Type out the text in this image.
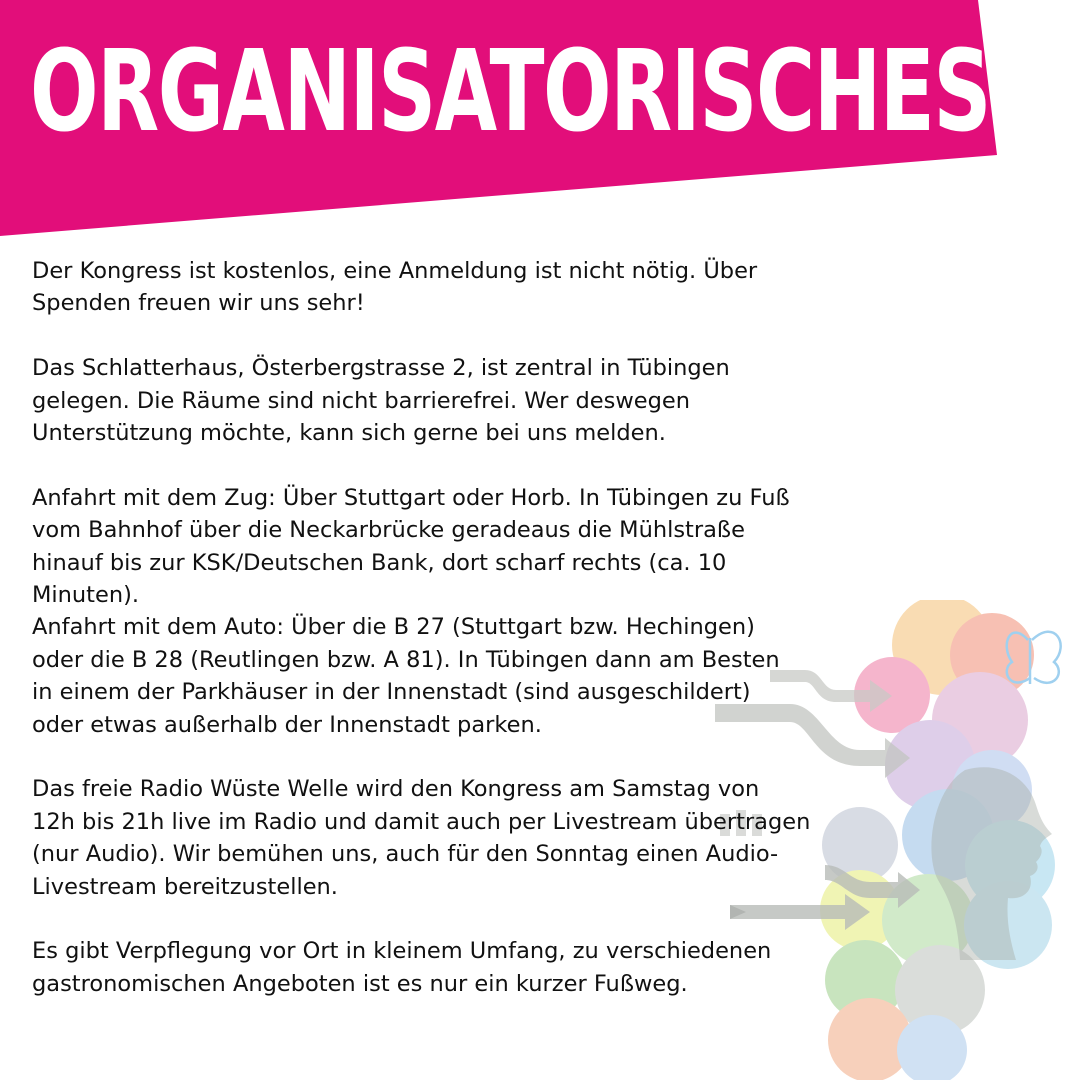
ORGANISATORISCHES

Der Kongress ist kostenlos, eine Anmeldung ist nicht nötig. Über
Spenden freuen wir uns sehr!

Das Schlatterhaus, Österbergstrasse 2, ist zentral in Tübingen
gelegen. Die Räume sind nicht barrierefrei. Wer deswegen
Unterstützung möchte, kann sich gerne bei uns melden.

Anfahrt mit dem Zug: Über Stuttgart oder Horb. In Tübingen zu Fuß
vom Bahnhof über die Neckarbrücke geradeaus die Mühlstraße
hinauf bis zur KSK/Deutschen Bank, dort scharf rechts (ca. 10
Minuten).
Anfahrt mit dem Auto: Über die B 27 (Stuttgart bzw. Hechingen)
oder die B 28 (Reutlingen bzw. A 81). In Tübingen dann am Besten
in einem der Parkhäuser in der Innenstadt (sind ausgeschildert)
oder etwas außerhalb der Innenstadt parken.

Das freie Radio Wüste Welle wird den Kongress am Samstag von
12h bis 21h live im Radio und damit auch per Livestream übertragen
(nur Audio). Wir bemühen uns, auch für den Sonntag einen Audio-
Livestream bereitzustellen.

Es gibt Verpflegung vor Ort in kleinem Umfang, zu verschiedenen
gastronomischen Angeboten ist es nur ein kurzer Fußweg.
